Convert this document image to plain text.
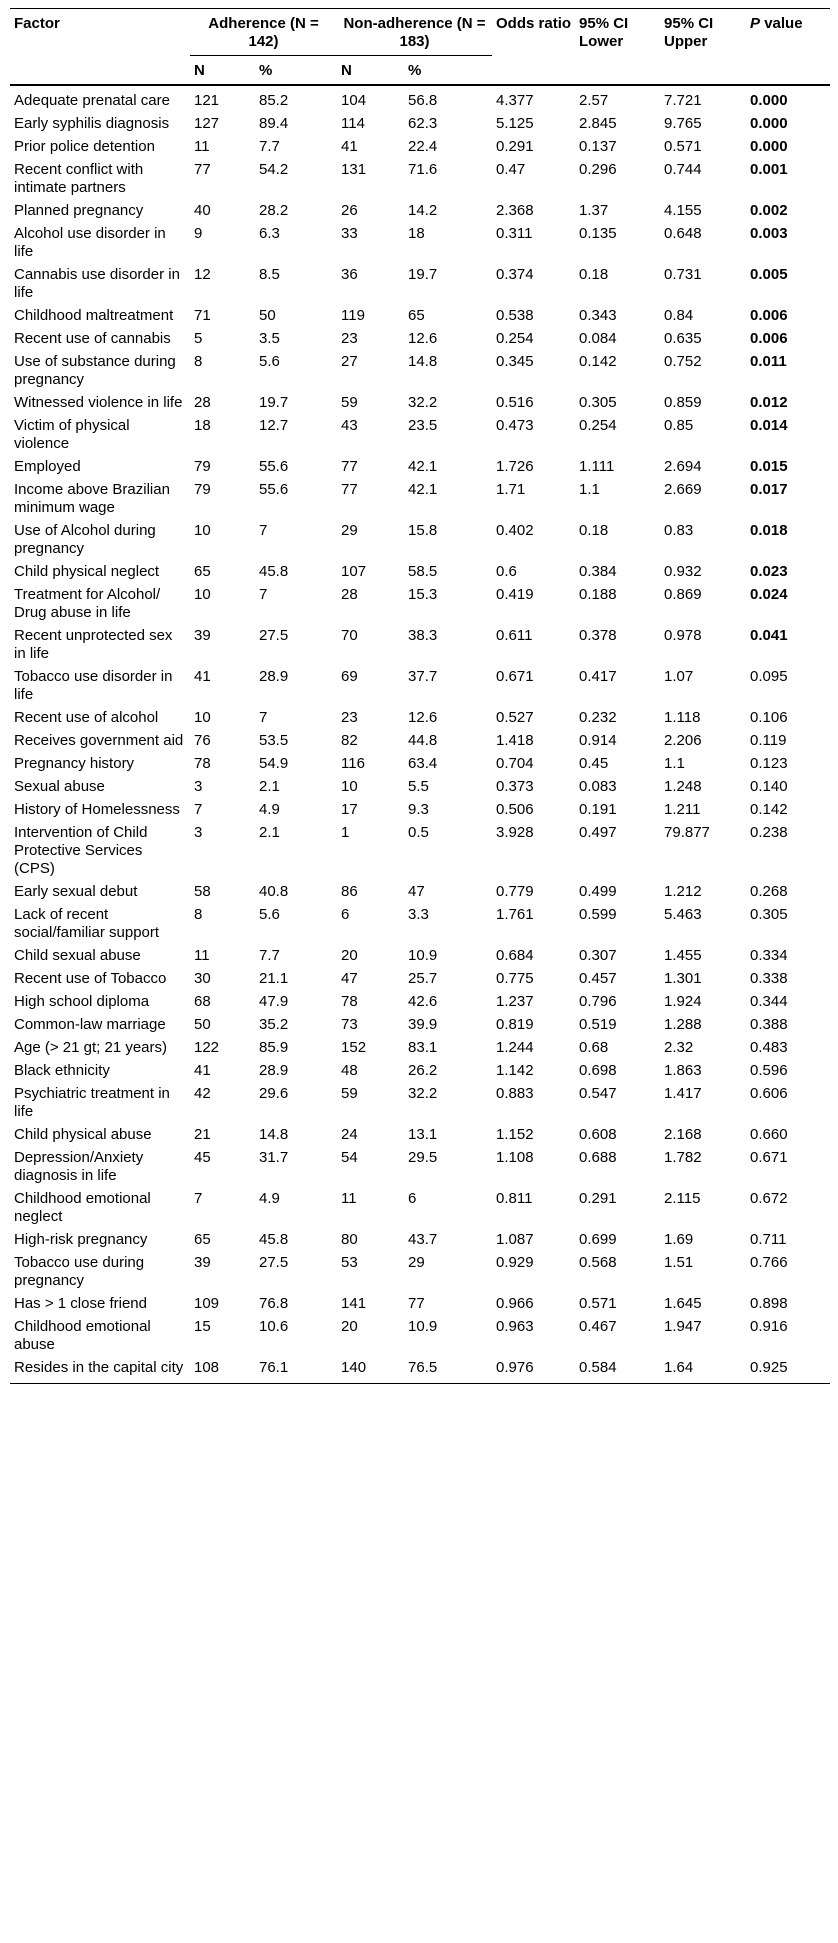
Factor	Adherence (N = 142)		Non-adherence (N = 183)		Odds ratio	95% CI Lower	95% CI Upper	P value
	N	%	N	%				
Adequate prenatal care	121	85.2	104	56.8	4.377	2.57	7.721	0.000
Early syphilis diagnosis	127	89.4	114	62.3	5.125	2.845	9.765	0.000
Prior police detention	11	7.7	41	22.4	0.291	0.137	0.571	0.000
Recent conflict with intimate partners	77	54.2	131	71.6	0.47	0.296	0.744	0.001
Planned pregnancy	40	28.2	26	14.2	2.368	1.37	4.155	0.002
Alcohol use disorder in life	9	6.3	33	18	0.311	0.135	0.648	0.003
Cannabis use disorder in life	12	8.5	36	19.7	0.374	0.18	0.731	0.005
Childhood maltreatment	71	50	119	65	0.538	0.343	0.84	0.006
Recent use of cannabis	5	3.5	23	12.6	0.254	0.084	0.635	0.006
Use of substance during pregnancy	8	5.6	27	14.8	0.345	0.142	0.752	0.011
Witnessed violence in life	28	19.7	59	32.2	0.516	0.305	0.859	0.012
Victim of physical violence	18	12.7	43	23.5	0.473	0.254	0.85	0.014
Employed	79	55.6	77	42.1	1.726	1.111	2.694	0.015
Income above Brazilian minimum wage	79	55.6	77	42.1	1.71	1.1	2.669	0.017
Use of Alcohol during pregnancy	10	7	29	15.8	0.402	0.18	0.83	0.018
Child physical neglect	65	45.8	107	58.5	0.6	0.384	0.932	0.023
Treatment for Alcohol/ Drug abuse in life	10	7	28	15.3	0.419	0.188	0.869	0.024
Recent unprotected sex in life	39	27.5	70	38.3	0.611	0.378	0.978	0.041
Tobacco use disorder in life	41	28.9	69	37.7	0.671	0.417	1.07	0.095
Recent use of alcohol	10	7	23	12.6	0.527	0.232	1.118	0.106
Receives government aid	76	53.5	82	44.8	1.418	0.914	2.206	0.119
Pregnancy history	78	54.9	116	63.4	0.704	0.45	1.1	0.123
Sexual abuse	3	2.1	10	5.5	0.373	0.083	1.248	0.140
History of Homelessness	7	4.9	17	9.3	0.506	0.191	1.211	0.142
Intervention of Child Protective Services (CPS)	3	2.1	1	0.5	3.928	0.497	79.877	0.238
Early sexual debut	58	40.8	86	47	0.779	0.499	1.212	0.268
Lack of recent social/familiar support	8	5.6	6	3.3	1.761	0.599	5.463	0.305
Child sexual abuse	11	7.7	20	10.9	0.684	0.307	1.455	0.334
Recent use of Tobacco	30	21.1	47	25.7	0.775	0.457	1.301	0.338
High school diploma	68	47.9	78	42.6	1.237	0.796	1.924	0.344
Common-law marriage	50	35.2	73	39.9	0.819	0.519	1.288	0.388
Age (> 21 gt; 21 years)	122	85.9	152	83.1	1.244	0.68	2.32	0.483
Black ethnicity	41	28.9	48	26.2	1.142	0.698	1.863	0.596
Psychiatric treatment in life	42	29.6	59	32.2	0.883	0.547	1.417	0.606
Child physical abuse	21	14.8	24	13.1	1.152	0.608	2.168	0.660
Depression/Anxiety diagnosis in life	45	31.7	54	29.5	1.108	0.688	1.782	0.671
Childhood emotional neglect	7	4.9	11	6	0.811	0.291	2.115	0.672
High-risk pregnancy	65	45.8	80	43.7	1.087	0.699	1.69	0.711
Tobacco use during pregnancy	39	27.5	53	29	0.929	0.568	1.51	0.766
Has > 1 close friend	109	76.8	141	77	0.966	0.571	1.645	0.898
Childhood emotional abuse	15	10.6	20	10.9	0.963	0.467	1.947	0.916
Resides in the capital city	108	76.1	140	76.5	0.976	0.584	1.64	0.925
